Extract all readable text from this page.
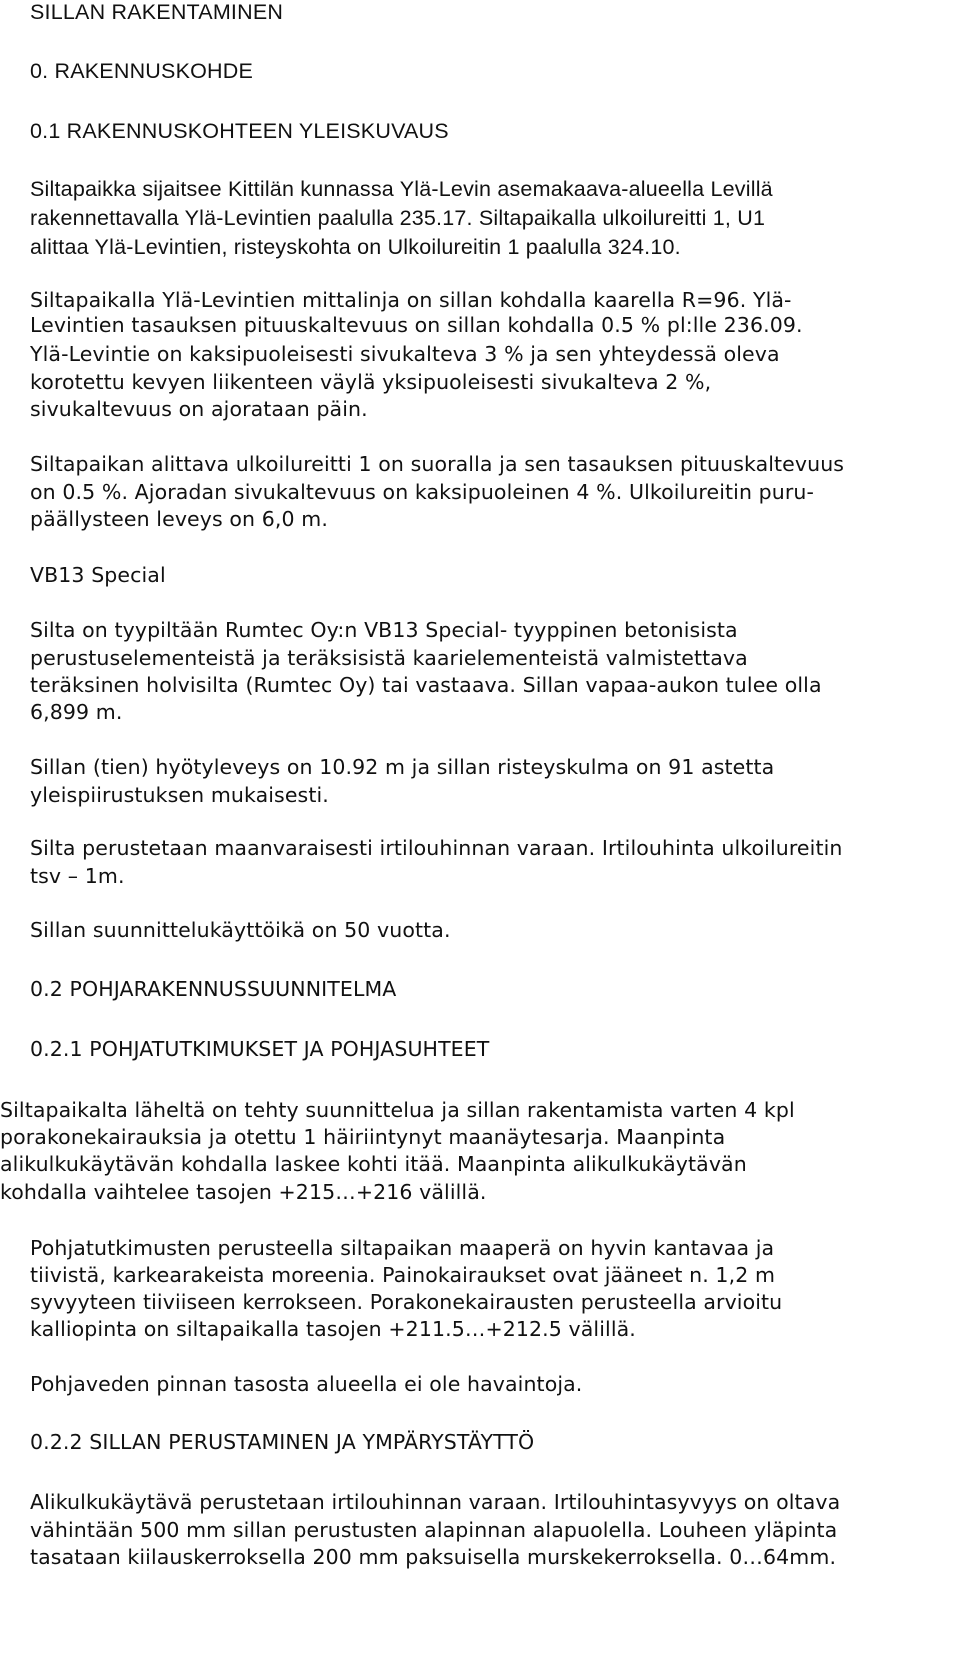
SILLAN RAKENTAMINEN
0. RAKENNUSKOHDE
0.1 RAKENNUSKOHTEEN YLEISKUVAUS
Siltapaikka sijaitsee Kittilän kunnassa Ylä-Levin asemakaava-alueella Levillä
rakennettavalla Ylä-Levintien paalulla 235.17. Siltapaikalla ulkoilureitti 1, U1
alittaa Ylä-Levintien, risteyskohta on Ulkoilureitin 1 paalulla 324.10.
Siltapaikalla Ylä-Levintien mittalinja on sillan kohdalla kaarella R=96. Ylä-
Levintien tasauksen pituuskaltevuus on sillan kohdalla 0.5 % pl:lle 236.09.
Ylä-Levintie on kaksipuoleisesti sivukalteva 3 % ja sen yhteydessä oleva
korotettu kevyen liikenteen väylä yksipuoleisesti sivukalteva 2 %,
sivukaltevuus on ajorataan päin.
Siltapaikan alittava ulkoilureitti 1 on suoralla ja sen tasauksen pituuskaltevuus
on 0.5 %. Ajoradan sivukaltevuus on kaksipuoleinen 4 %. Ulkoilureitin puru-
päällysteen leveys on 6,0 m.
VB13 Special
Silta on tyypiltään Rumtec Oy:n VB13 Special- tyyppinen betonisista
perustuselementeistä ja teräksisistä kaarielementeistä valmistettava
teräksinen holvisilta (Rumtec Oy) tai vastaava. Sillan vapaa-aukon tulee olla
6,899 m.
Sillan (tien) hyötyleveys on 10.92 m ja sillan risteyskulma on 91 astetta
yleispiirustuksen mukaisesti.
Silta perustetaan maanvaraisesti irtilouhinnan varaan. Irtilouhinta ulkoilureitin
tsv – 1m.
Sillan suunnittelukäyttöikä on 50 vuotta.
0.2 POHJARAKENNUSSUUNNITELMA
0.2.1 POHJATUTKIMUKSET JA POHJASUHTEET
Siltapaikalta läheltä on tehty suunnittelua ja sillan rakentamista varten 4 kpl
porakonekairauksia ja otettu 1 häiriintynyt maanäytesarja. Maanpinta
alikulkukäytävän kohdalla laskee kohti itää. Maanpinta alikulkukäytävän
kohdalla vaihtelee tasojen +215…+216 välillä.
Pohjatutkimusten perusteella siltapaikan maaperä on hyvin kantavaa ja
tiivistä, karkearakeista moreenia. Painokairaukset ovat jääneet n. 1,2 m
syvyyteen tiiviiseen kerrokseen. Porakonekairausten perusteella arvioitu
kalliopinta on siltapaikalla tasojen +211.5…+212.5 välillä.
Pohjaveden pinnan tasosta alueella ei ole havaintoja.
0.2.2 SILLAN PERUSTAMINEN JA YMPÄRYSTÄYTTÖ
Alikulkukäytävä perustetaan irtilouhinnan varaan. Irtilouhintasyvyys on oltava
vähintään 500 mm sillan perustusten alapinnan alapuolella. Louheen yläpinta
tasataan kiilauskerroksella 200 mm paksuisella murskekerroksella. 0…64mm.
